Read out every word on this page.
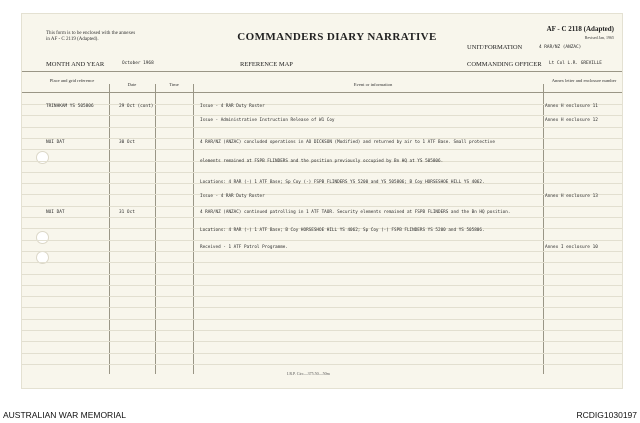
This form is to be enclosed with the annexes in AF - C 2119 (Adapted).	COMMANDERS DIARY NARRATIVE
AF - C 2118 (Adapted)
Revised Jan, 1965
UNIT/FORMATION	4 RAR/NZ (ANZAC)
MONTH AND YEAR	October 1968	REFERENCE MAP	COMMANDING OFFICER Lt Col L.R. GREVILLE
Place and grid reference
Date	Time	Event or information
Annex letter and enclosure number
TRINHKAM YS 505806	29 Oct (cont)	Issue - 4 RAR Duty Roster	Annex H enclosure 11
Issue - Administrative Instruction Release of W1 Coy	Annex H enclosure 12
NUI DAT	30 Oct	4 RAR/NZ (ANZAC) concluded operations in AO DICKSON (Modified) and returned by air to 1 ATF Base. Small protective
elements remained at FSPB FLINDERS and the position previously occupied by Bn HQ at YS 505806.
Locations: 4 RAR (-) 1 ATF Base; Sp Coy (-) FSPB FLINDERS YS 5200 and YS 505806; B Coy HORSESHOE HILL YS 4062.
Issue - 4 RAR Duty Roster	Annex H enclosure 13
NUI DAT	31 Oct	4 RAR/NZ (ANZAC) continued patrolling in 1 ATF TAOR. Security elements remained at FSPB FLINDERS and the Bn HQ position.
Locations: 4 RAR (-) 1 ATF Base; B Coy HORSESHOE HILL YS 4062; Sp Coy (-) FSPB FLINDERS YS 5200 and YS 505806.
Received - 1 ATF Patrol Programme.	Annex I enclosure 10
I.R.P. Circ—375.50—50m
AUSTRALIAN WAR MEMORIAL	RCDIG1030197
